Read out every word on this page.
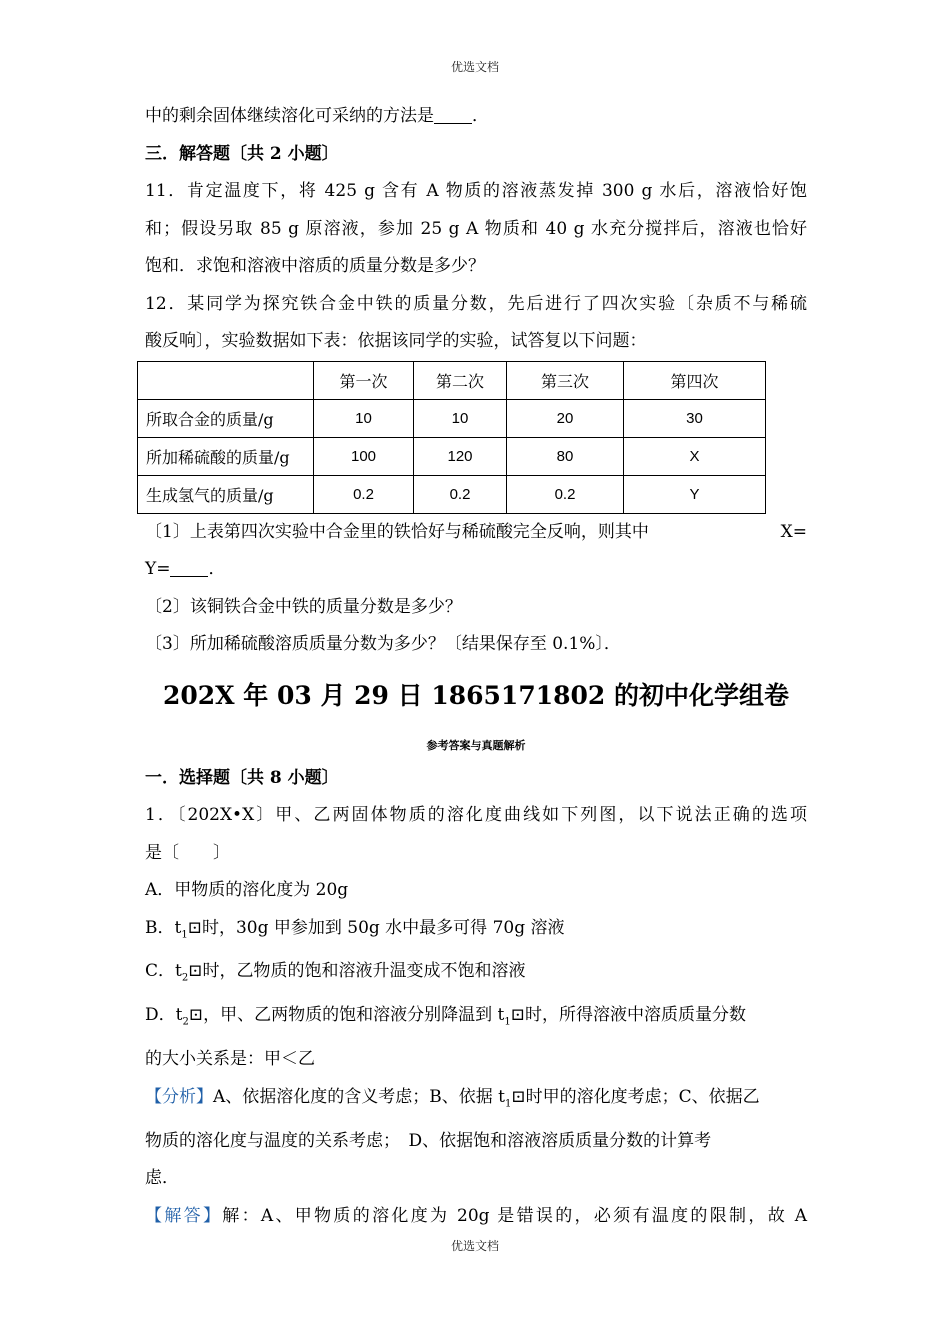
优选文档

中的剩余固体继续溶化可采纳的方法是 ．

三．解答题〔共 2 小题〕

11．肯定温度下，将 425 g 含有 A 物质的溶液蒸发掉 300 g 水后，溶液恰好饱

和；假设另取 85 g 原溶液，参加 25 g A 物质和 40 g 水充分搅拌后，溶液也恰好

饱和．求饱和溶液中溶质的质量分数是多少？

12．某同学为探究铁合金中铁的质量分数，先后进行了四次实验〔杂质不与稀硫

酸反响〕，实验数据如下表：依据该同学的实验，试答复以下问题：

	第一次	第二次	第三次	第四次
所取合金的质量/g	10	10	20	30
所加稀硫酸的质量/g	100	120	80	X
生成氢气的质量/g	0.2	0.2	0.2	Y
〔1〕上表第四次实验中合金里的铁恰好与稀硫酸完全反响，则其中	X=

Y= ．

〔2〕该铜铁合金中铁的质量分数是多少？

〔3〕所加稀硫酸溶质质量分数为多少？〔结果保存至 0.1%〕．

202X 年 03 月 29 日 1865171802 的初中化学组卷

参考答案与真题解析

一．选择题〔共 8 小题〕

1．〔202X•X〕甲、乙两固体物质的溶化度曲线如下列图，以下说法正确的选项

是〔　　〕

A．甲物质的溶化度为 20g

B．$t_1⊡$时，30g 甲参加到 50g 水中最多可得 70g 溶液

C．$t_2⊡$时，乙物质的饱和溶液升温变成不饱和溶液

D．$t_2⊡$，甲、乙两物质的饱和溶液分别降温到 $t_1⊡$时，所得溶液中溶质质量分数

的大小关系是：甲＜乙

【分析】A、依据溶化度的含义考虑；B、依据 $t_1⊡$时甲的溶化度考虑；C、依据乙

物质的溶化度与温度的关系考虑；　D、依据饱和溶液溶质质量分数的计算考

虑．

【解答】解：A、甲物质的溶化度为 20g 是错误的，必须有温度的限制，故 A

优选文档
